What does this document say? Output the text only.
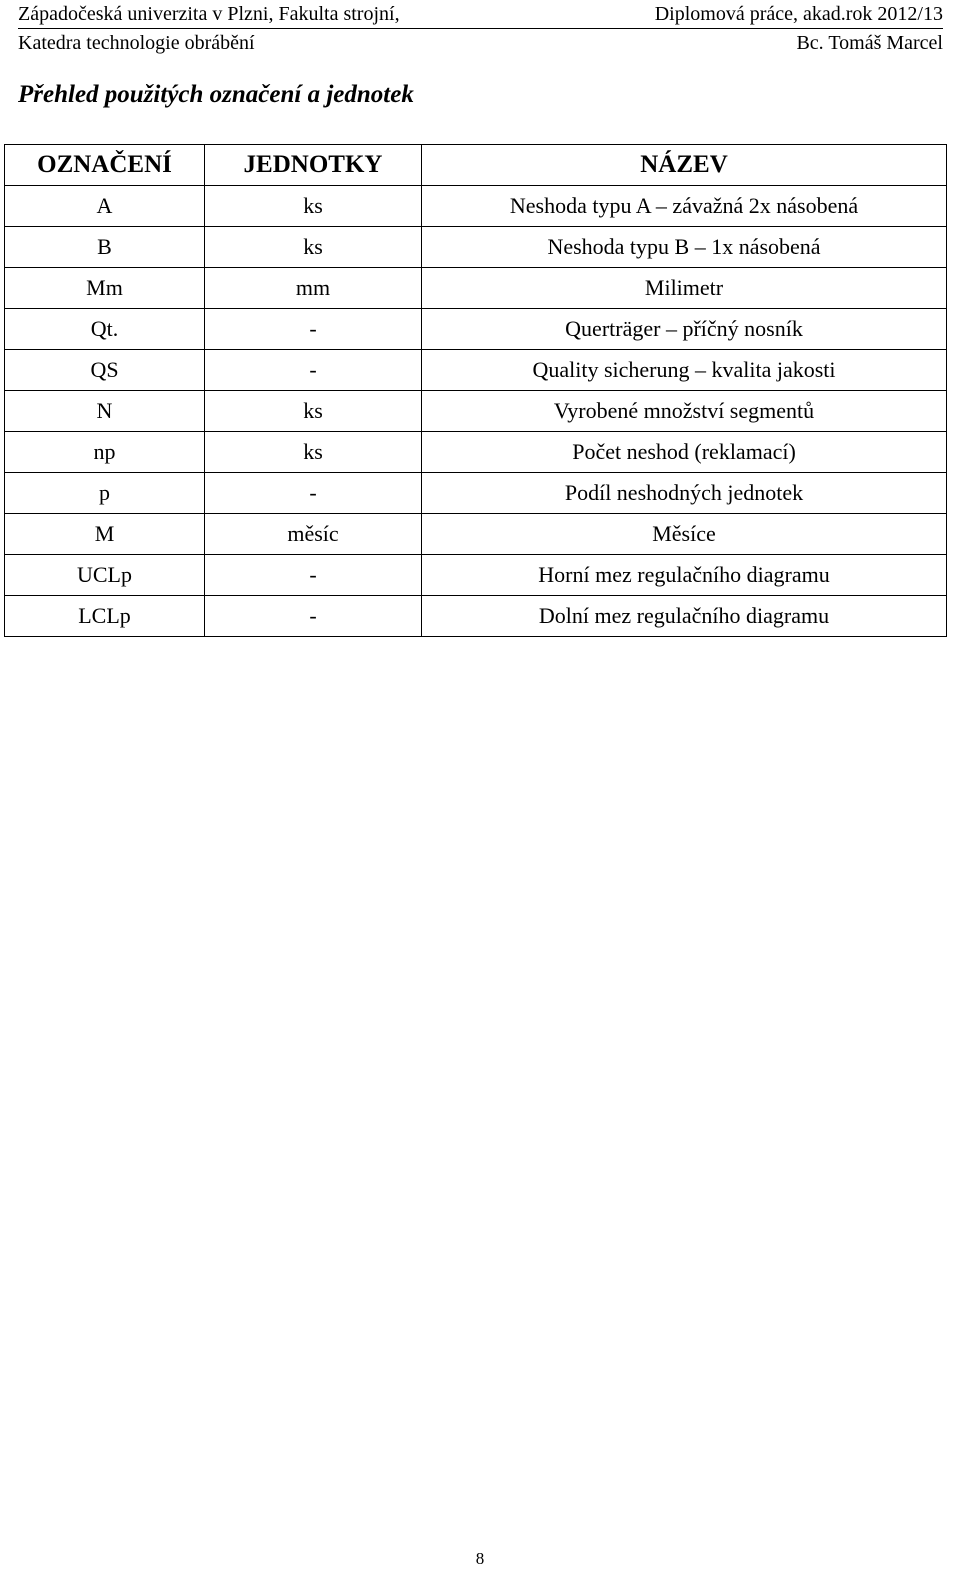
Západočeská univerzita v Plzni, Fakulta strojní,	Diplomová práce, akad.rok 2012/13
Katedra technologie obrábění	Bc. Tomáš Marcel
Přehled použitých označení a jednotek
OZNAČENÍ	JEDNOTKY	NÁZEV
A	ks	Neshoda typu A – závažná 2x násobená
B	ks	Neshoda typu B – 1x násobená
Mm	mm	Milimetr
Qt.	-	Querträger – příčný nosník
QS	-	Quality sicherung – kvalita jakosti
N	ks	Vyrobené množství segmentů
np	ks	Počet neshod (reklamací)
p	-	Podíl neshodných jednotek
M	měsíc	Měsíce
UCLp	-	Horní mez regulačního diagramu
LCLp	-	Dolní mez regulačního diagramu
8
